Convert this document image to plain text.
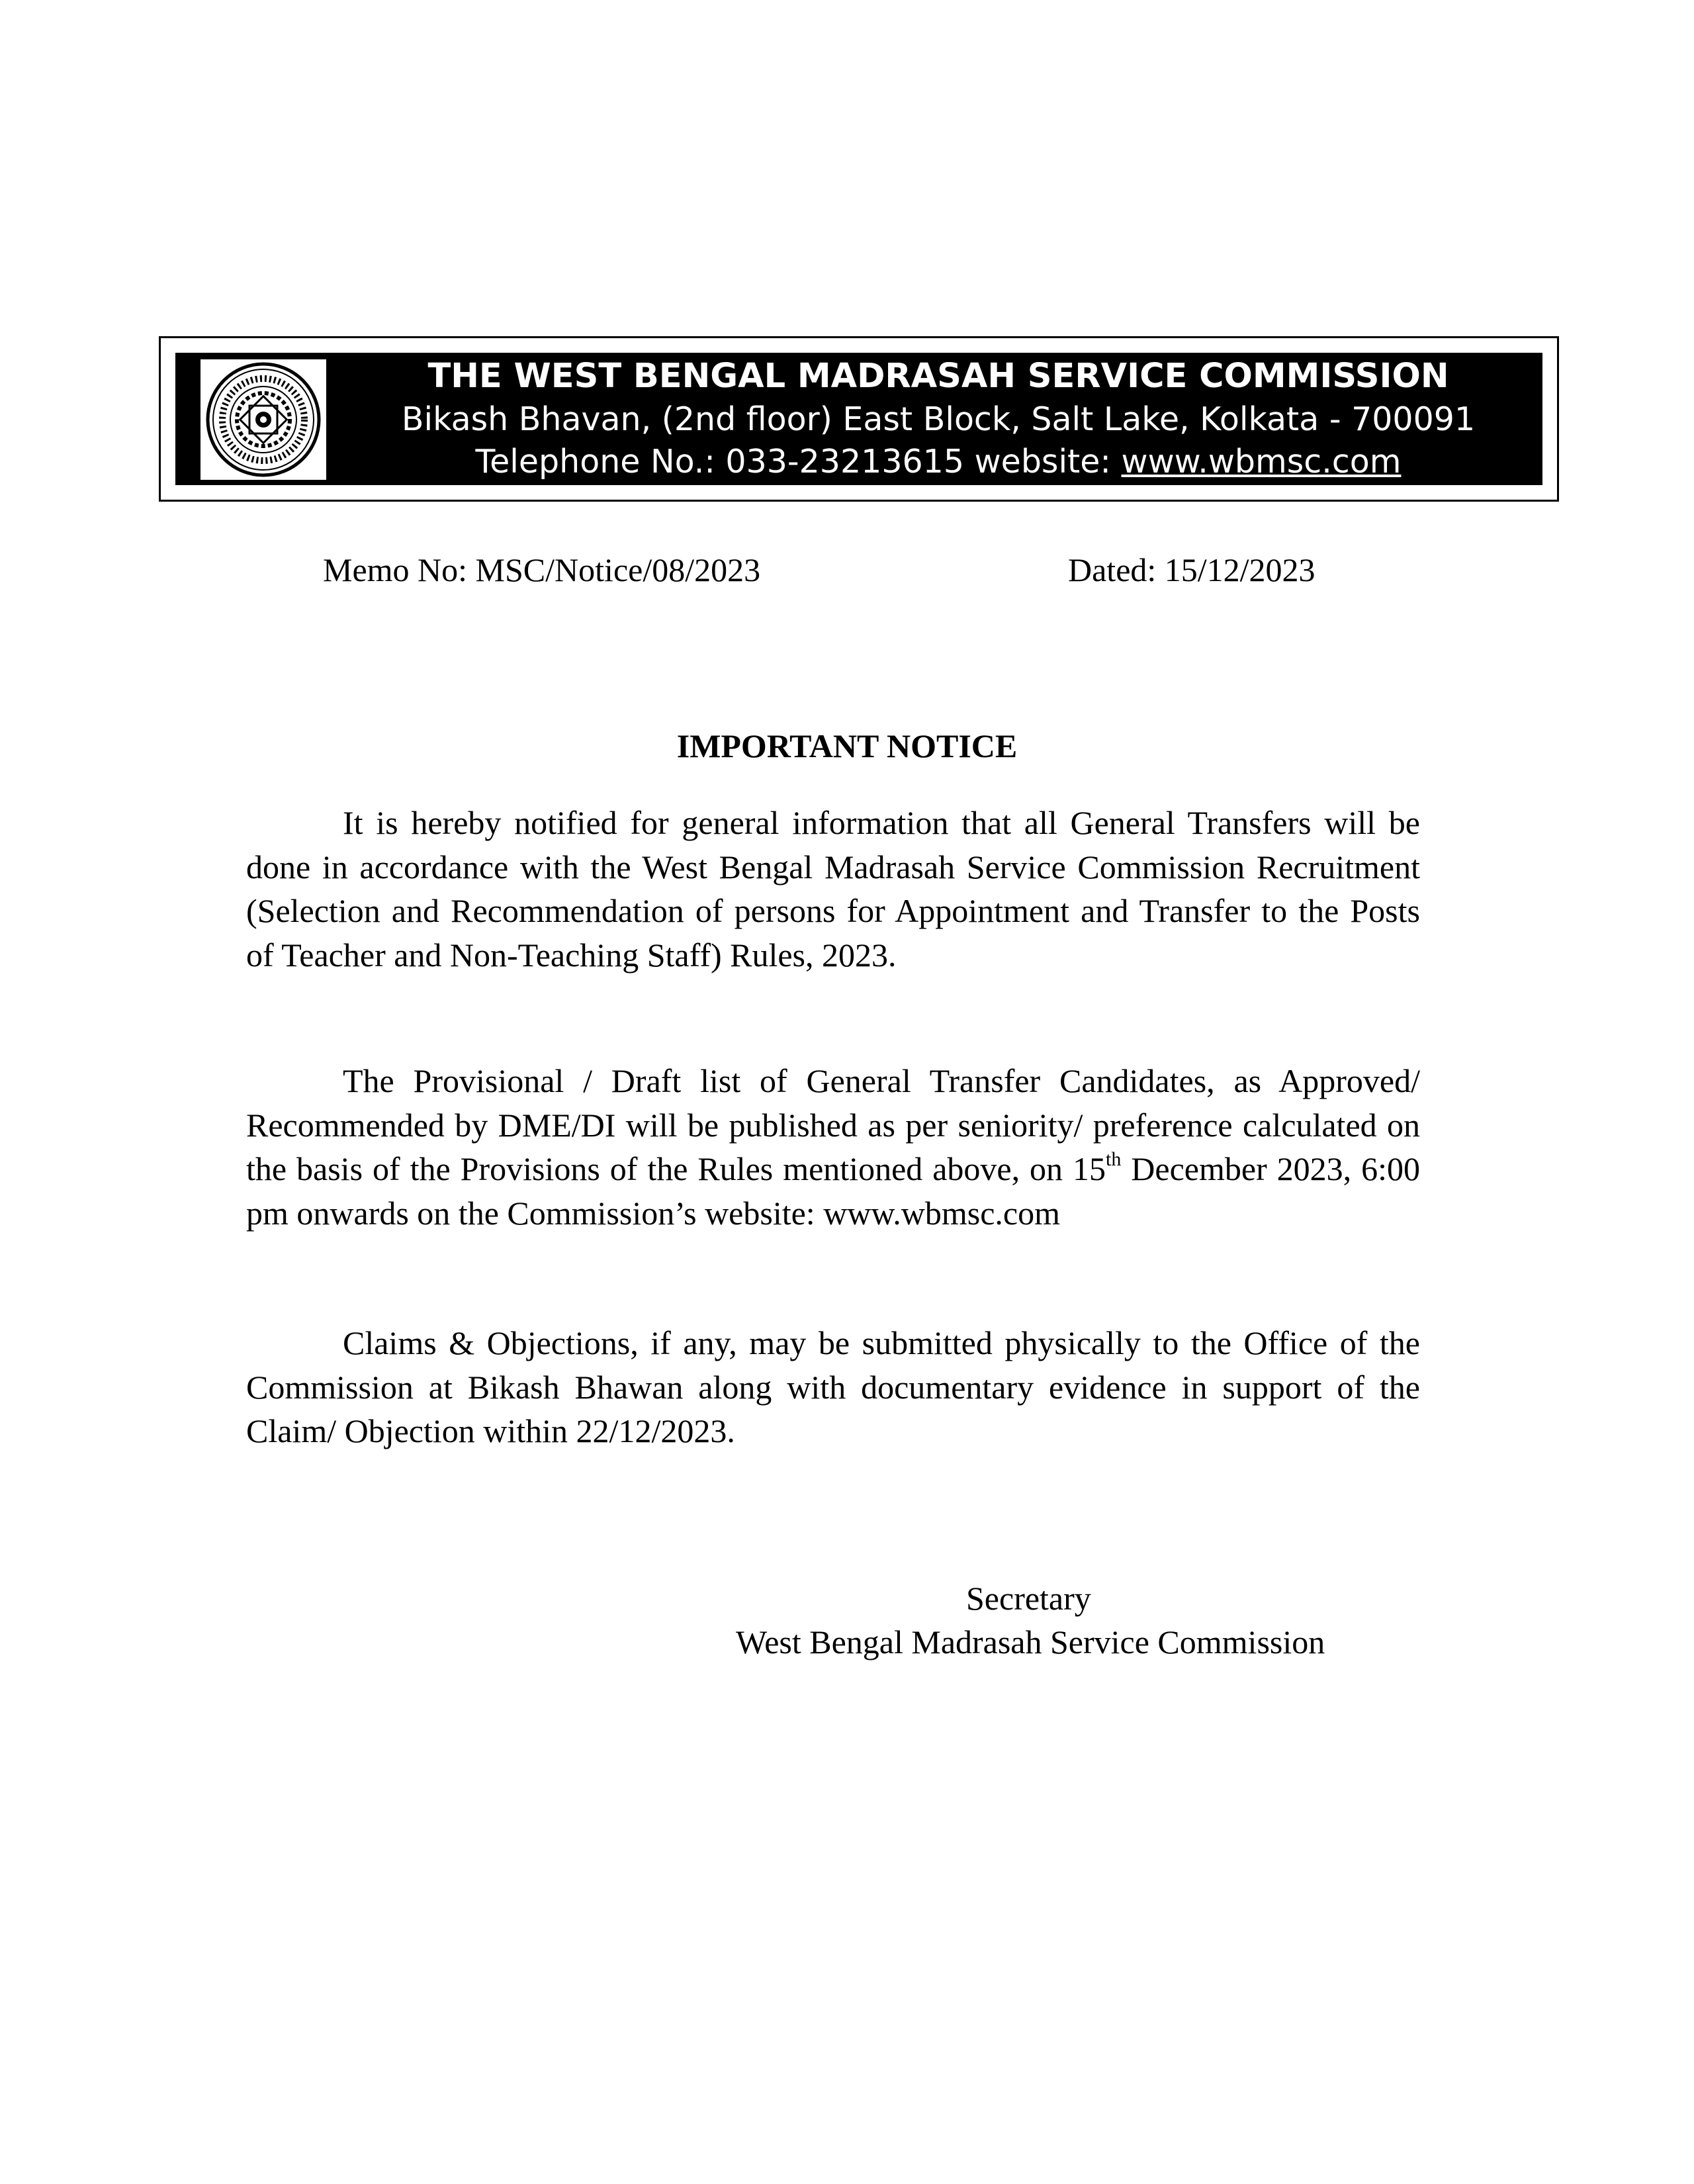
THE WEST BENGAL MADRASAH SERVICE COMMISSION
Bikash Bhavan, (2nd floor) East Block, Salt Lake, Kolkata - 700091
Telephone No.: 033-23213615 website: www.wbmsc.com
Memo No: MSC/Notice/08/2023	Dated: 15/12/2023
IMPORTANT NOTICE

It is hereby notified for general information that all General Transfers will be done in accordance with the West Bengal Madrasah Service Commission Recruitment (Selection and Recommendation of persons for Appointment and Transfer to the Posts of Teacher and Non-Teaching Staff) Rules, 2023.

The Provisional / Draft list of General Transfer Candidates, as Approved/ Recommended by DME/DI will be published as per seniority/ preference calculated on the basis of the Provisions of the Rules mentioned above, on 15th December 2023, 6:00 pm onwards on the Commission’s website: www.wbmsc.com

Claims & Objections, if any, may be submitted physically to the Office of the Commission at Bikash Bhawan along with documentary evidence in support of the Claim/ Objection within 22/12/2023.

Secretary
West Bengal Madrasah Service Commission
